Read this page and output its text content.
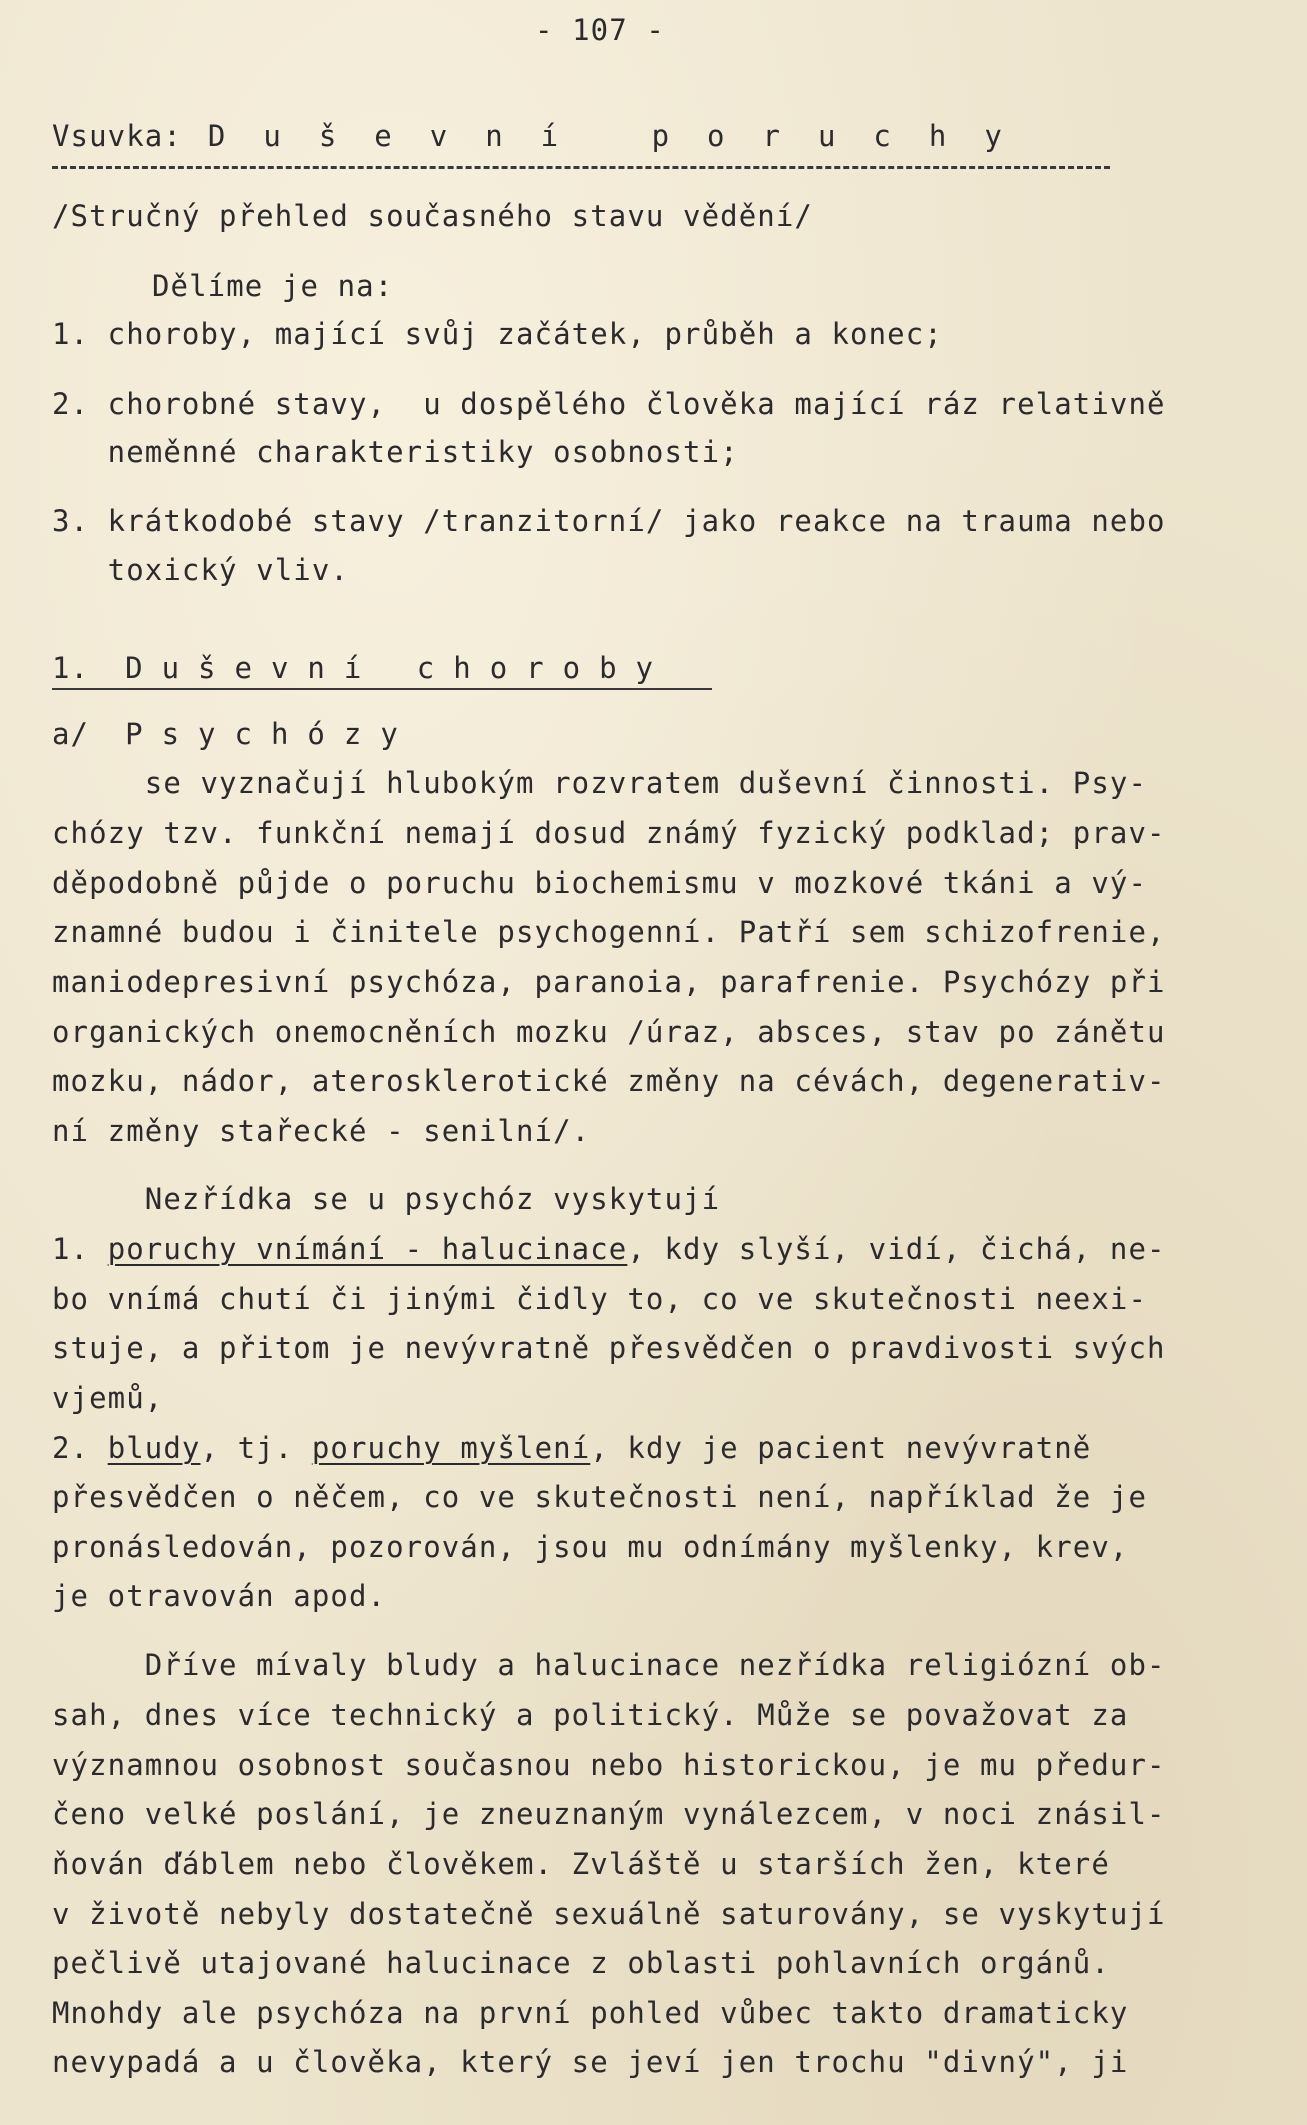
- 107 -
Vsuvka: Duševní poruchy
/Stručný přehled současného stavu vědění/
Dělíme je na:
1. choroby, mající svůj začátek, průběh a konec;
2. chorobné stavy,  u dospělého člověka mající ráz relativně
neměnné charakteristiky osobnosti;
3. krátkodobé stavy /tranzitorní/ jako reakce na trauma nebo
toxický vliv.
1. Duševní choroby
a/ Psychózy
se vyznačují hlubokým rozvratem duševní činnosti. Psy-
chózy tzv. funkční nemají dosud známý fyzický podklad; prav-
děpodobně půjde o poruchu biochemismu v mozkové tkáni a vý-
znamné budou i činitele psychogenní. Patří sem schizofrenie,
maniodepresivní psychóza, paranoia, parafrenie. Psychózy při
organických onemocněních mozku /úraz, absces, stav po zánětu
mozku, nádor, aterosklerotické změny na cévách, degenerativ-
ní změny stařecké - senilní/.
Nezřídka se u psychóz vyskytují
1. poruchy vnímání - halucinace, kdy slyší, vidí, čichá, ne-
bo vnímá chutí či jinými čidly to, co ve skutečnosti neexi-
stuje, a přitom je nevývratně přesvědčen o pravdivosti svých
vjemů,
2. bludy, tj. poruchy myšlení, kdy je pacient nevývratně
přesvědčen o něčem, co ve skutečnosti není, například že je
pronásledován, pozorován, jsou mu odnímány myšlenky, krev,
je otravován apod.
Dříve mívaly bludy a halucinace nezřídka religiózní ob-
sah, dnes více technický a politický. Může se považovat za
významnou osobnost současnou nebo historickou, je mu předur-
čeno velké poslání, je zneuznaným vynálezcem, v noci znásil-
ňován ďáblem nebo člověkem. Zvláště u starších žen, které
v životě nebyly dostatečně sexuálně saturovány, se vyskytují
pečlivě utajované halucinace z oblasti pohlavních orgánů.
Mnohdy ale psychóza na první pohled vůbec takto dramaticky
nevypadá a u člověka, který se jeví jen trochu "divný", ji
